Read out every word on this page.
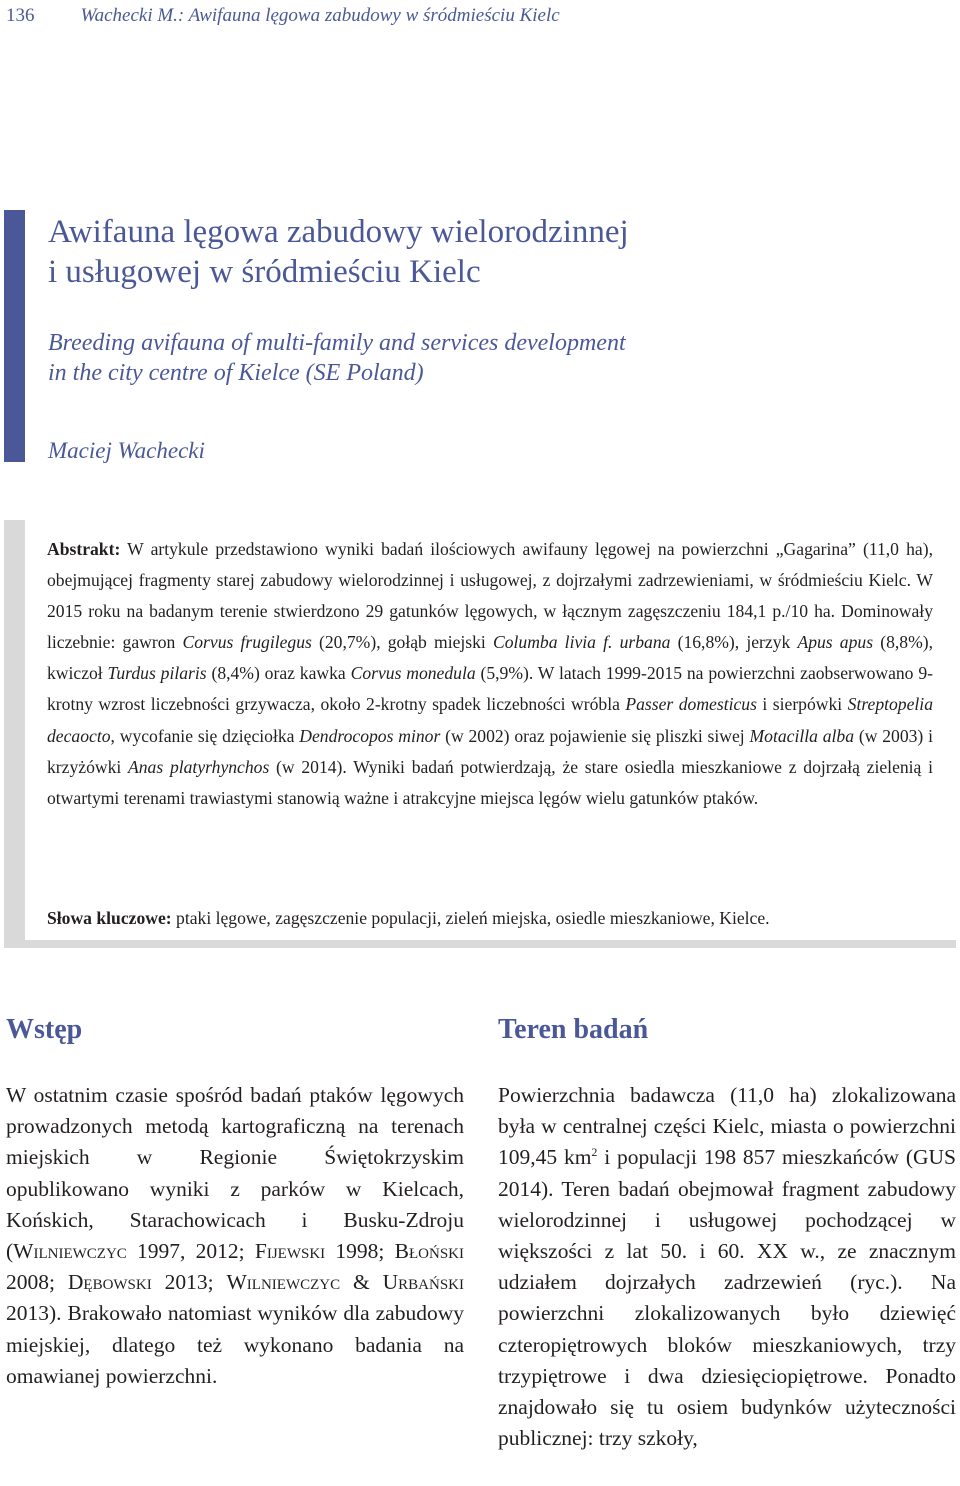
136 Wachecki M.: Awifauna lęgowa zabudowy w śródmieściu Kielc
Awifauna lęgowa zabudowy wielorodzinnej
i usługowej w śródmieściu Kielc
Breeding avifauna of multi-family and services development
in the city centre of Kielce (SE Poland)
Maciej Wachecki

Abstrakt: W artykule przedstawiono wyniki badań ilościowych awifauny lęgowej na powierzchni „Gagarina” (11,0 ha), obejmującej fragmenty starej zabudowy wielorodzinnej i usługowej, z dojrzałymi zadrzewieniami, w śródmieściu Kielc. W 2015 roku na badanym terenie stwierdzono 29 gatunków lęgowych, w łącznym zagęszczeniu 184,1 p./10 ha. Dominowały liczebnie: gawron Corvus frugilegus (20,7%), gołąb miejski Columba livia f. urbana (16,8%), jerzyk Apus apus (8,8%), kwiczoł Turdus pilaris (8,4%) oraz kawka Corvus monedula (5,9%). W latach 1999-2015 na powierzchni zaobserwowano 9-krotny wzrost liczebności grzywacza, około 2-krotny spadek liczebności wróbla Passer domesticus i sierpówki Streptopelia decaocto, wycofanie się dzięciołka Dendrocopos minor (w 2002) oraz pojawienie się pliszki siwej Motacilla alba (w 2003) i krzyżówki Anas platyrhynchos (w 2014). Wyniki badań potwierdzają, że stare osiedla mieszkaniowe z dojrzałą zielenią i otwartymi terenami trawiastymi stanowią ważne i atrakcyjne miejsca lęgów wielu gatunków ptaków.

Słowa kluczowe: ptaki lęgowe, zagęszczenie populacji, zieleń miejska, osiedle mieszkaniowe, Kielce.
Wstęp
W ostatnim czasie spośród badań ptaków lęgowych prowadzonych metodą kartograficzną na terenach miejskich w Regionie Świętokrzyskim opublikowano wyniki z parków w Kielcach, Końskich, Starachowicach i Busku-Zdroju (Wilniewczyc 1997, 2012; Fijewski 1998; Błoński 2008; Dębowski 2013; Wilniewczyc & Urbański 2013). Brakowało natomiast wyników dla zabudowy miejskiej, dlatego też wykonano badania na omawianej powierzchni.
Teren badań
Powierzchnia badawcza (11,0 ha) zlokalizowana była w centralnej części Kielc, miasta o powierzchni 109,45 $km^2$ i populacji 198 857 mieszkańców (GUS 2014). Teren badań obejmował fragment zabudowy wielorodzinnej i usługowej pochodzącej w większości z lat 50. i 60. XX w., ze znacznym udziałem dojrzałych zadrzewień (ryc.). Na powierzchni zlokalizowanych było dziewięć czteropiętrowych bloków mieszkaniowych, trzy trzypiętrowe i dwa dziesięciopiętrowe. Ponadto znajdowało się tu osiem budynków użyteczności publicznej: trzy szkoły,
